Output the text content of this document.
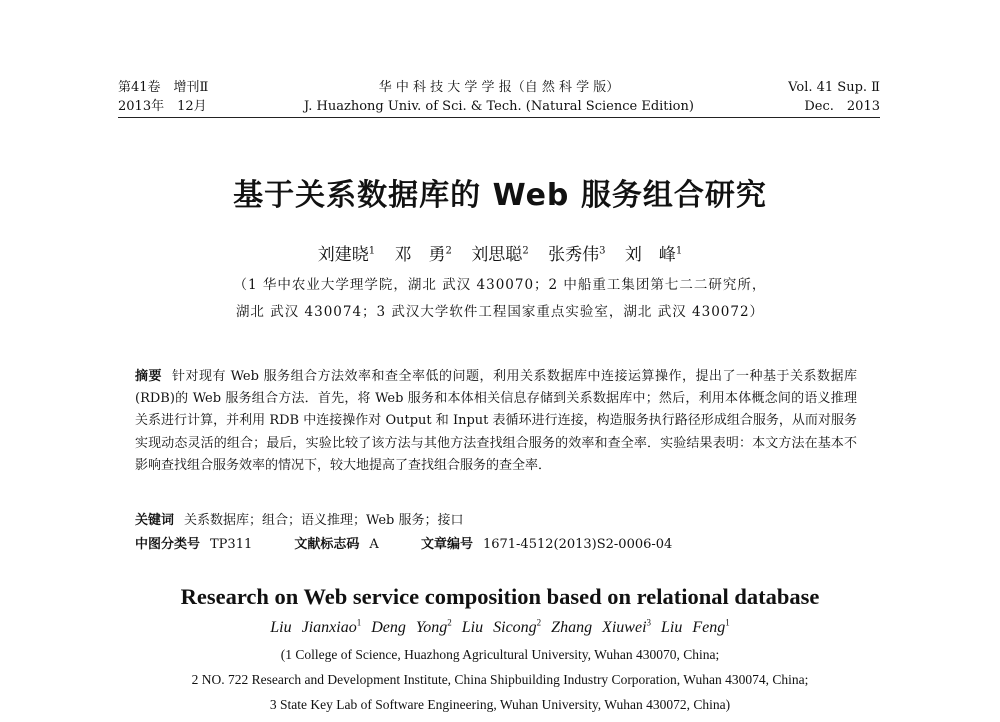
第41卷　增刊Ⅱ
2013年　12月
华 中 科 技 大 学 学 报（自 然 科 学 版）
J. Huazhong Univ. of Sci. & Tech. (Natural Science Edition)
Vol. 41 Sup. Ⅱ
Dec.　2013
基于关系数据库的 Web 服务组合研究
刘建晓$^1$ 邓　勇$^2$ 刘思聪$^2$ 张秀伟$^3$ 刘　峰$^1$
（1 华中农业大学理学院，湖北 武汉 430070；2 中船重工集团第七二二研究所，
湖北 武汉 430074；3 武汉大学软件工程国家重点实验室，湖北 武汉 430072）
摘要 针对现有 Web 服务组合方法效率和查全率低的问题，利用关系数据库中连接运算操作，提出了一种基于关系数据库(RDB)的 Web 服务组合方法．首先，将 Web 服务和本体相关信息存储到关系数据库中；然后，利用本体概念间的语义推理关系进行计算，并利用 RDB 中连接操作对 Output 和 Input 表循环进行连接，构造服务执行路径形成组合服务，从而对服务实现动态灵活的组合；最后，实验比较了该方法与其他方法查找组合服务的效率和查全率．实验结果表明：本文方法在基本不影响查找组合服务效率的情况下，较大地提高了查找组合服务的查全率．
关键词 关系数据库；组合；语义推理；Web 服务；接口
中图分类号 TP311	文献标志码 A	文章编号 1671-4512(2013)S2-0006-04
Research on Web service composition based on relational database
Liu Jianxiao$^1$ Deng Yong$^2$ Liu Sicong$^2$ Zhang Xiuwei$^3$ Liu Feng$^1$
(1 College of Science, Huazhong Agricultural University, Wuhan 430070, China;
2 NO. 722 Research and Development Institute, China Shipbuilding Industry Corporation, Wuhan 430074, China;
3 State Key Lab of Software Engineering, Wuhan University, Wuhan 430072, China)
